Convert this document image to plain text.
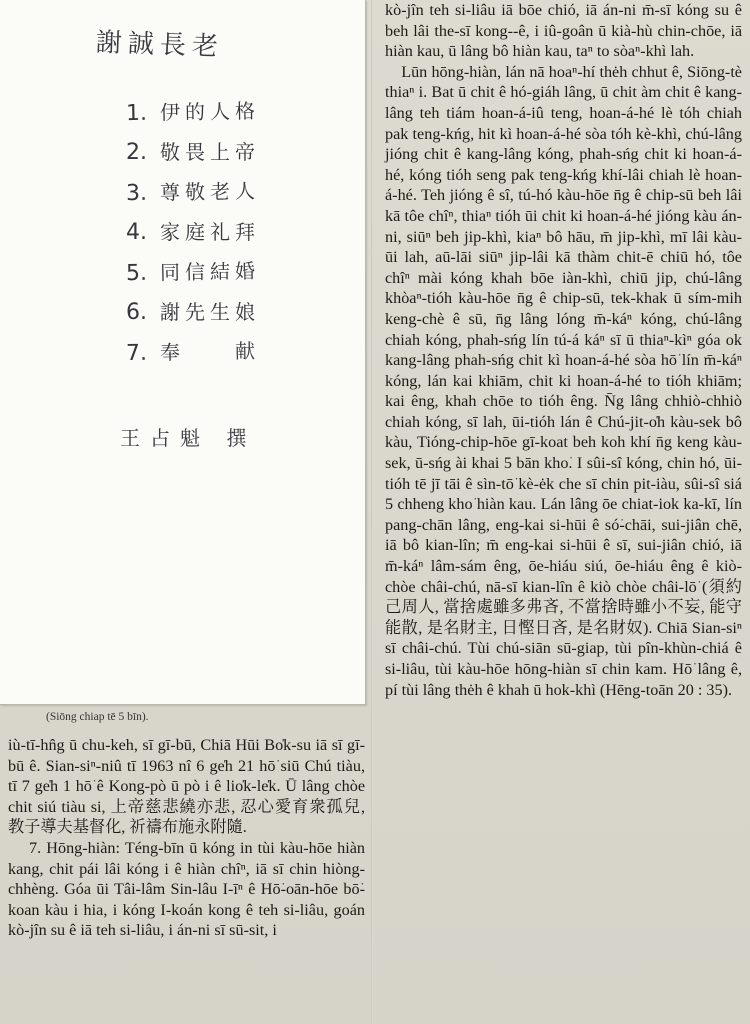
謝誠長老
1. 伊的人格
2. 敬畏上帝
3. 尊敬老人
4. 家庭礼拜
5. 同信結婚
6. 謝先生娘
7. 奉　　献
王占魁 撰
(Siōng chiap tē 5 bīn).

iù-tī-hn̂g ū chu-keh, sī gī-bū, Chiā Hūi Bo̍k-su iā sī gī-bū ê. Sian-siⁿ-niû tī 1963 nî 6 ge̍h 21 hō͘ siū Chú tiàu, tī 7 ge̍h 1 hō͘ ê Kong-pò ū pò i ê lio̍k-le̍k. Ū lâng chòe chit siú tiàu si, 上帝慈悲繞亦悲, 忍心愛育衆孤兒, 教子導夫基督化, 祈禱布施永附隨.

7. Hōng-hiàn: Téng-bīn ū kóng in tùi kàu-hōe hiàn kang, chit pái lâi kóng i ê hiàn chîⁿ, iā sī chin hiòng-chhèng. Góa ūi Tâi-lâm Sin-lâu I-īⁿ ê Hō͘-oān-hōe bō͘-koan kàu i hia, i kóng I-koán kong ê teh si-liâu, goán kò-jîn su ê iā teh si-liâu, i án-ni sī sū-sit, i

kò-jîn teh si-liâu iā bōe chió, iā án-ni m̄-sī kóng su ê beh lâi the-sī kong--ê, i iû-goân ū kià-hù chin-chōe, iā hiàn kau, ū lâng bô hiàn kau, taⁿ to sòaⁿ-khì lah.

Lūn hōng-hiàn, lán nā hoaⁿ-hí thėh chhut ê, Siōng-tè thiaⁿ i. Bat ū chit ê hó-giáh lâng, ū chit àm chit ê kang-lâng teh tiám hoan-á-iû teng, hoan-á-hé lè tóh chiah pak teng-kńg, hit kì hoan-á-hé sòa tóh kè-khì, chú-lâng jióng chit ê kang-lâng kóng, phah-sńg chit ki hoan-á-hé, kóng tióh seng pak teng-kńg khí-lâi chiah lè hoan-á-hé. Teh jióng ê sî, tú-hó kàu-hōe n̄g ê chip-sū beh lâi kā tôe chîⁿ, thiaⁿ tióh ūi chit ki hoan-á-hé jióng kàu án-ni, siūⁿ beh jip-khì, kiaⁿ bô hāu, m̄ jip-khì, mī lâi kàu-ūi lah, aū-lāi siūⁿ jip-lâi kā thàm chit-ē chiū hó, tôe chîⁿ mài kóng khah bōe iàn-khì, chiū jip, chú-lâng khòaⁿ-tióh kàu-hōe n̄g ê chip-sū, tek-khak ū sím-mih keng-chè ê sū, n̄g lâng lóng m̄-káⁿ kóng, chú-lâng chiah kóng, phah-sńg lín tú-á káⁿ sī ū thiaⁿ-kìⁿ góa ok kang-lâng phah-sńg chit kì hoan-á-hé sòa hō͘ lín m̄-káⁿ kóng, lán kai khiām, chit ki hoan-á-hé to tióh khiām; kai êng, khah chōe to tióh êng. N̄g lâng chhiò-chhiò chiah kóng, sī lah, ūi-tióh lán ê Chú-jit-o̍h kàu-sek bô kàu, Tióng-chip-hōe gī-koat beh koh khí n̄g keng kàu-sek, ū-sńg ài khai 5 bān kho͘. I sûi-sî kóng, chin hó, ūi-tióh tē jī tāi ê sìn-tō͘ kè-ėk che sī chin pit-iàu, sûi-sî siá 5 chheng kho͘ hiàn kau. Lán lâng ōe chiat-iok ka-kī, lín pang-chān lâng, eng-kai si-hūi ê só͘-chāi, sui-jiân chē, iā bô kian-lîn; m̄ eng-kai si-hūi ê sī, sui-jiân chió, iā m̄-káⁿ lâm-sám êng, ōe-hiáu siú, ōe-hiáu êng ê kiò-chòe châi-chú, nā-sī kian-lîn ê kiò chòe châi-lō͘ (須約己周人, 當捨處雖多弗吝, 不當捨時雖小不妄, 能守能散, 是名財主, 日慳日吝, 是名財奴). Chiā Sian-siⁿ sī châi-chú. Tùi chú-siān sū-giap, tùi pîn-khùn-chiá ê si-liâu, tùi kàu-hōe hōng-hiàn sī chin kam. Hō͘ lâng ê, pí tùi lâng thėh ê khah ū hok-khì (Hēng-toān 20 : 35).
